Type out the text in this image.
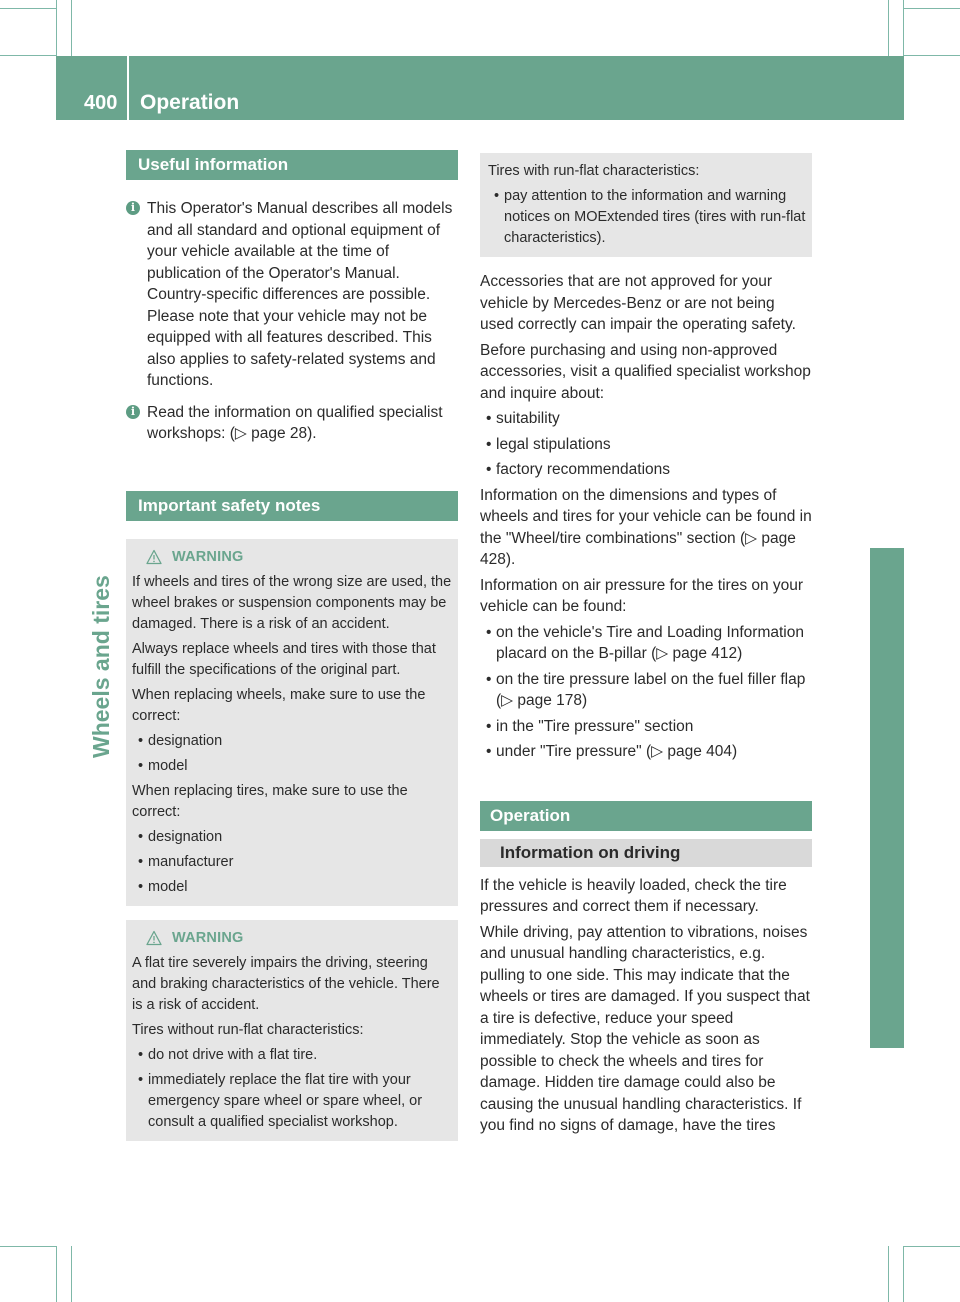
400 Operation
Wheels and tires
Useful information
i This Operator's Manual describes all models and all standard and optional equipment of your vehicle available at the time of publication of the Operator's Manual. Country-specific differences are possible. Please note that your vehicle may not be equipped with all features described. This also applies to safety-related systems and functions.
i Read the information on qualified specialist workshops: (▷ page 28).
Important safety notes
WARNING

If wheels and tires of the wrong size are used, the wheel brakes or suspension components may be damaged. There is a risk of an accident.

Always replace wheels and tires with those that fulfill the specifications of the original part.

When replacing wheels, make sure to use the correct:

• designation
• model

When replacing tires, make sure to use the correct:

• designation
• manufacturer
• model
WARNING

A flat tire severely impairs the driving, steering and braking characteristics of the vehicle. There is a risk of accident.

Tires without run-flat characteristics:

• do not drive with a flat tire.
• immediately replace the flat tire with your emergency spare wheel or spare wheel, or consult a qualified specialist workshop.

Tires with run-flat characteristics:

• pay attention to the information and warning notices on MOExtended tires (tires with run-flat characteristics).

Accessories that are not approved for your vehicle by Mercedes-Benz or are not being used correctly can impair the operating safety.

Before purchasing and using non-approved accessories, visit a qualified specialist workshop and inquire about:

• suitability
• legal stipulations
• factory recommendations

Information on the dimensions and types of wheels and tires for your vehicle can be found in the "Wheel/tire combinations" section (▷ page 428).

Information on air pressure for the tires on your vehicle can be found:

• on the vehicle's Tire and Loading Information placard on the B-pillar (▷ page 412)
• on the tire pressure label on the fuel filler flap (▷ page 178)
• in the "Tire pressure" section
• under "Tire pressure" (▷ page 404)
Operation
Information on driving

If the vehicle is heavily loaded, check the tire pressures and correct them if necessary.

While driving, pay attention to vibrations, noises and unusual handling characteristics, e.g. pulling to one side. This may indicate that the wheels or tires are damaged. If you suspect that a tire is defective, reduce your speed immediately. Stop the vehicle as soon as possible to check the wheels and tires for damage. Hidden tire damage could also be causing the unusual handling characteristics. If you find no signs of damage, have the tires
